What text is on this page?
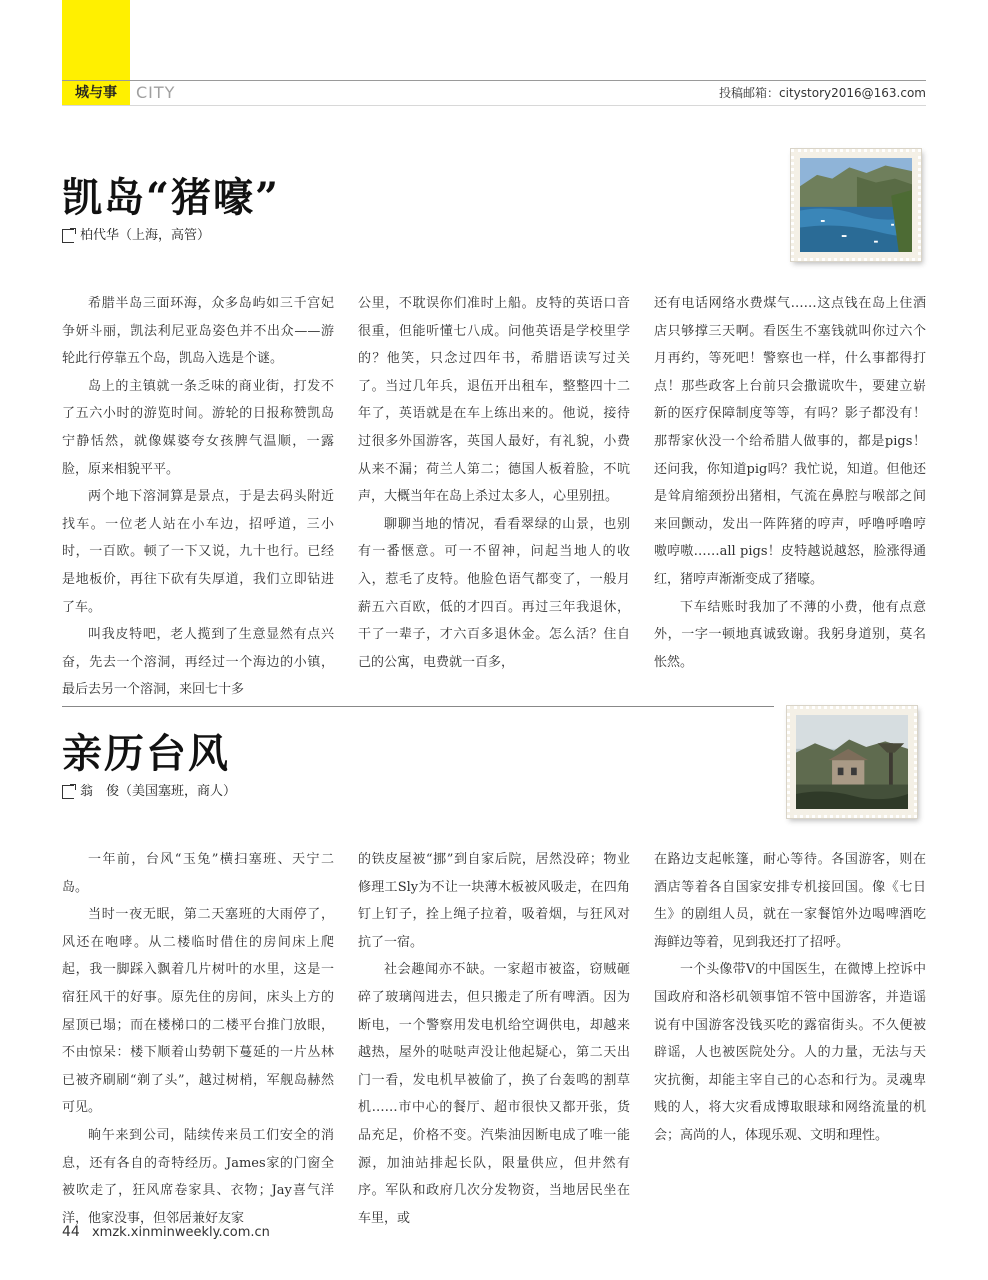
城与事	CITY	投稿邮箱：citystory2016@163.com
凯岛“猪嚎”
柏代华（上海，高管）

希腊半岛三面环海，众多岛屿如三千宫妃争妍斗丽，凯法利尼亚岛姿色并不出众——游轮此行停靠五个岛，凯岛入选是个谜。

岛上的主镇就一条乏味的商业街，打发不了五六小时的游览时间。游轮的日报称赞凯岛宁静恬然，就像媒婆夸女孩脾气温顺，一露脸，原来相貌平平。

两个地下溶洞算是景点，于是去码头附近找车。一位老人站在小车边，招呼道，三小时，一百欧。顿了一下又说，九十也行。已经是地板价，再往下砍有失厚道，我们立即钻进了车。

叫我皮特吧，老人揽到了生意显然有点兴奋，先去一个溶洞，再经过一个海边的小镇，最后去另一个溶洞，来回七十多

公里，不耽误你们准时上船。皮特的英语口音很重，但能听懂七八成。问他英语是学校里学的？他笑，只念过四年书，希腊语读写过关了。当过几年兵，退伍开出租车，整整四十二年了，英语就是在车上练出来的。他说，接待过很多外国游客，英国人最好，有礼貌，小费从来不漏；荷兰人第二；德国人板着脸，不吭声，大概当年在岛上杀过太多人，心里别扭。

聊聊当地的情况，看看翠绿的山景，也别有一番惬意。可一不留神，问起当地人的收入，惹毛了皮特。他脸色语气都变了，一般月薪五六百欧，低的才四百。再过三年我退休，干了一辈子，才六百多退休金。怎么活？住自己的公寓，电费就一百多，

还有电话网络水费煤气……这点钱在岛上住酒店只够撑三天啊。看医生不塞钱就叫你过六个月再约，等死吧！警察也一样，什么事都得打点！那些政客上台前只会撒谎吹牛，要建立崭新的医疗保障制度等等，有吗？影子都没有！那帮家伙没一个给希腊人做事的，都是pigs！还问我，你知道pig吗？我忙说，知道。但他还是耸肩缩颈扮出猪相，气流在鼻腔与喉部之间来回颤动，发出一阵阵猪的哼声，呼噜呼噜哼嗷哼嗷……all pigs！皮特越说越怒，脸涨得通红，猪哼声渐渐变成了猪嚎。

下车结账时我加了不薄的小费，他有点意外，一字一顿地真诚致谢。我躬身道别，莫名怅然。

亲历台风
翁　俊（美国塞班，商人）

一年前，台风“玉兔”横扫塞班、天宁二岛。

当时一夜无眠，第二天塞班的大雨停了，风还在咆哮。从二楼临时借住的房间床上爬起，我一脚踩入飘着几片树叶的水里，这是一宿狂风干的好事。原先住的房间，床头上方的屋顶已塌；而在楼梯口的二楼平台推门放眼，不由惊呆：楼下顺着山势朝下蔓延的一片丛林已被齐刷刷“剃了头”，越过树梢，军舰岛赫然可见。

晌午来到公司，陆续传来员工们安全的消息，还有各自的奇特经历。James家的门窗全被吹走了，狂风席卷家具、衣物；Jay喜气洋洋，他家没事，但邻居兼好友家

的铁皮屋被“挪”到自家后院，居然没碎；物业修理工Sly为不让一块薄木板被风吸走，在四角钉上钉子，拴上绳子拉着，吸着烟，与狂风对抗了一宿。

社会趣闻亦不缺。一家超市被盗，窃贼砸碎了玻璃闯进去，但只搬走了所有啤酒。因为断电，一个警察用发电机给空调供电，却越来越热，屋外的哒哒声没让他起疑心，第二天出门一看，发电机早被偷了，换了台轰鸣的割草机……市中心的餐厅、超市很快又都开张，货品充足，价格不变。汽柴油因断电成了唯一能源，加油站排起长队，限量供应，但井然有序。军队和政府几次分发物资，当地居民坐在车里，或

在路边支起帐篷，耐心等待。各国游客，则在酒店等着各自国家安排专机接回国。像《七日生》的剧组人员，就在一家餐馆外边喝啤酒吃海鲜边等着，见到我还打了招呼。

一个头像带V的中国医生，在微博上控诉中国政府和洛杉矶领事馆不管中国游客，并造谣说有中国游客没钱买吃的露宿街头。不久便被辟谣，人也被医院处分。人的力量，无法与天灾抗衡，却能主宰自己的心态和行为。灵魂卑贱的人，将大灾看成博取眼球和网络流量的机会；高尚的人，体现乐观、文明和理性。

44 xmzk.xinminweekly.com.cn
